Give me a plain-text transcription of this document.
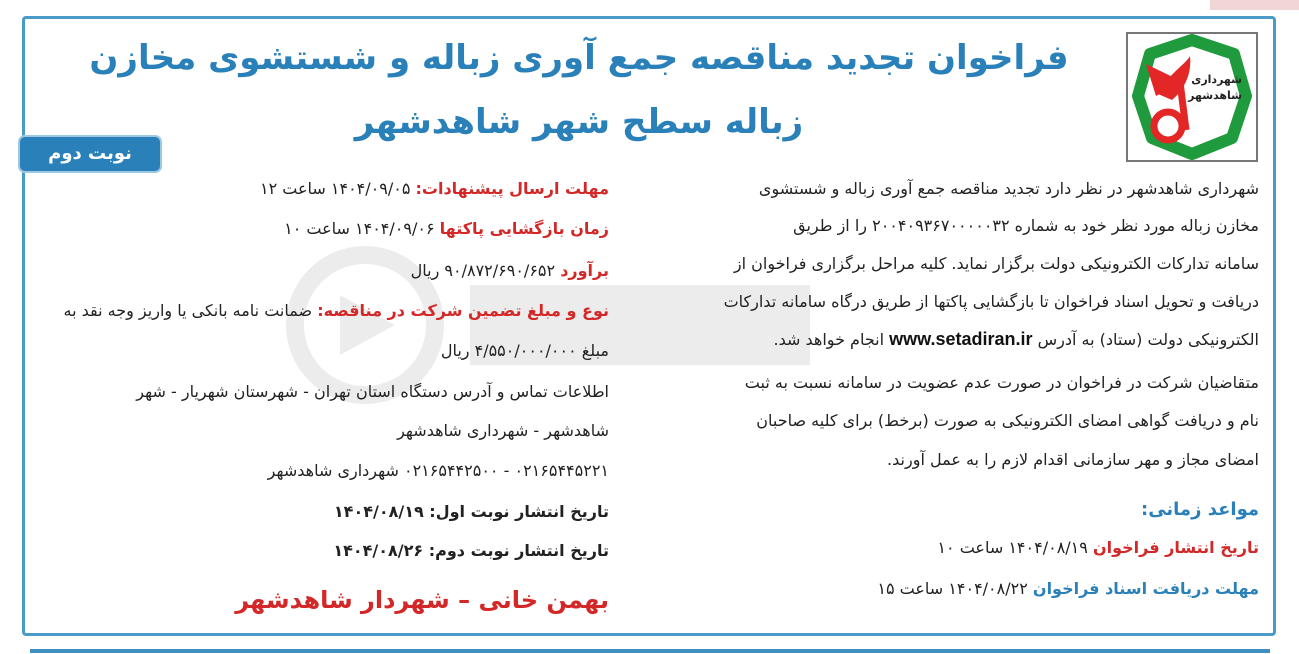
فراخوان تجدید مناقصه جمع آوری زباله و شستشوی مخازن
زباله سطح شهر شاهدشهر
شهرداری شاهدشهر
نوبت دوم
شهرداری شاهدشهر در نظر دارد تجدید مناقصه جمع آوری زباله و شستشوی
مخازن زباله مورد نظر خود به شماره ۲۰۰۴۰۹۳۶۷۰۰۰۰۰۳۲ را از طریق
سامانه تدارکات الکترونیکی دولت برگزار نماید. کلیه مراحل برگزاری فراخوان از
دریافت و تحویل اسناد فراخوان تا بازگشایی پاکتها از طریق درگاه سامانه تدارکات
الکترونیکی دولت (ستاد) به آدرس www.setadiran.ir انجام خواهد شد.
متقاضیان شرکت در فراخوان در صورت عدم عضویت در سامانه نسبت به ثبت
نام و دریافت گواهی امضای الکترونیکی به صورت (برخط) برای کلیه صاحبان
امضای مجاز و مهر سازمانی اقدام لازم را به عمل آورند.
مواعد زمانی:
تاریخ انتشار فراخوان ۱۴۰۴/۰۸/۱۹ ساعت ۱۰
مهلت دریافت اسناد فراخوان ۱۴۰۴/۰۸/۲۲ ساعت ۱۵
مهلت ارسال پیشنهادات: ۱۴۰۴/۰۹/۰۵ ساعت ۱۲
زمان بازگشایی پاکتها ۱۴۰۴/۰۹/۰۶ ساعت ۱۰
برآورد ۹۰/۸۷۲/۶۹۰/۶۵۲ ریال
نوع و مبلغ تضمین شرکت در مناقصه: ضمانت نامه بانکی یا واریز وجه نقد به
مبلغ ۴/۵۵۰/۰۰۰/۰۰۰ ریال
اطلاعات تماس و آدرس دستگاه استان تهران - شهرستان شهریار - شهر
شاهدشهر - شهرداری شاهدشهر
۰۲۱۶۵۴۴۵۲۲۱ - ۰۲۱۶۵۴۴۲۵۰۰ شهرداری شاهدشهر
تاریخ انتشار نوبت اول: ۱۴۰۴/۰۸/۱۹
تاریخ انتشار نوبت دوم: ۱۴۰۴/۰۸/۲۶
بهمن خانی – شهردار شاهدشهر
